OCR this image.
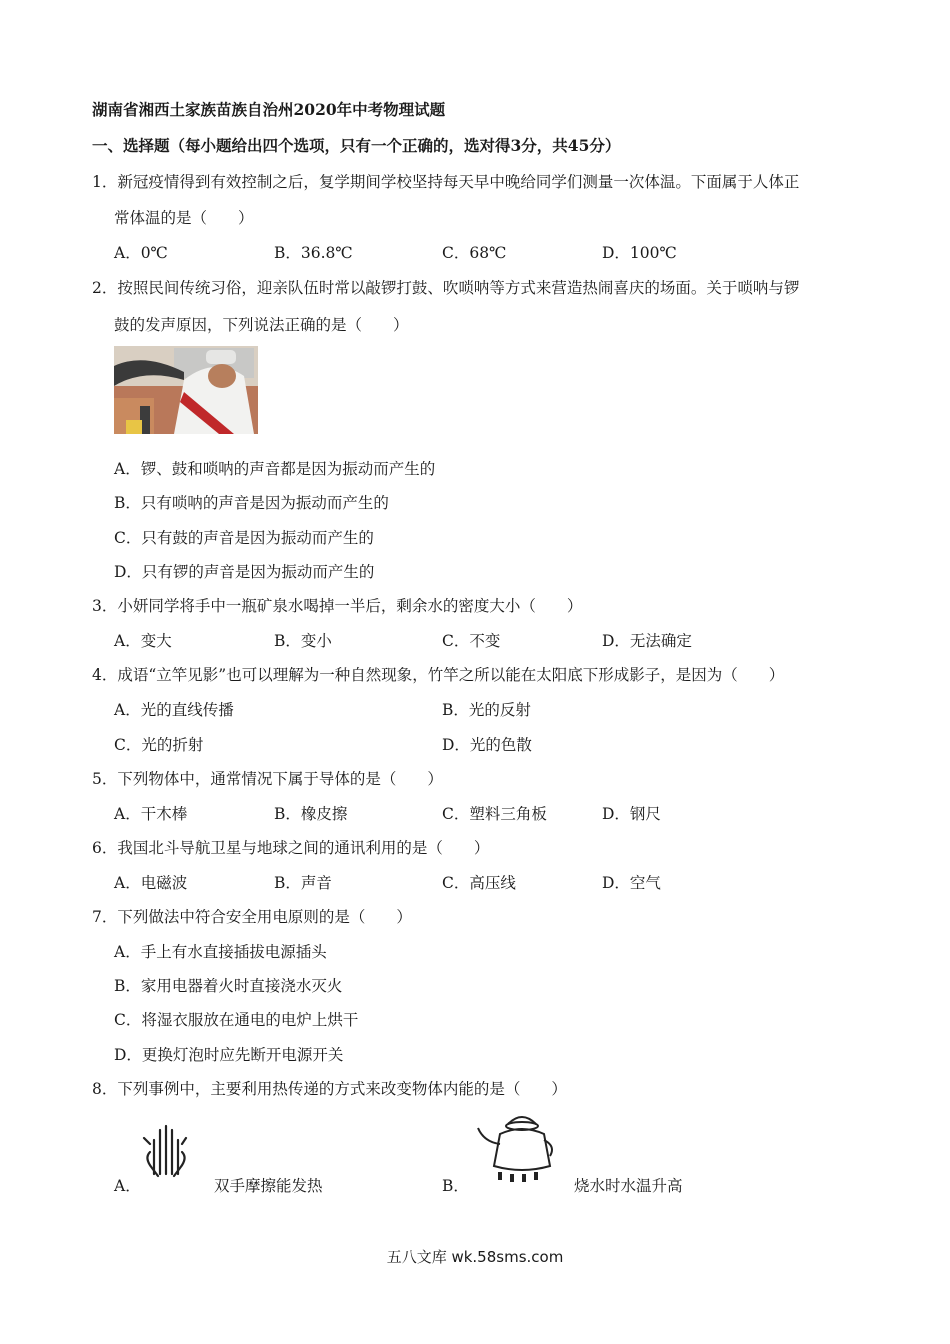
湖南省湘西土家族苗族自治州2020年中考物理试题
一、选择题（每小题给出四个选项，只有一个正确的，选对得3分，共45分）
1．新冠疫情得到有效控制之后，复学期间学校坚持每天早中晚给同学们测量一次体温。下面属于人体正
常体温的是（　　）
A．0℃	B．36.8℃	C．68℃	D．100℃
2．按照民间传统习俗，迎亲队伍时常以敲锣打鼓、吹唢呐等方式来营造热闹喜庆的场面。关于唢呐与锣
鼓的发声原因，下列说法正确的是（　　）
A．锣、鼓和唢呐的声音都是因为振动而产生的
B．只有唢呐的声音是因为振动而产生的
C．只有鼓的声音是因为振动而产生的
D．只有锣的声音是因为振动而产生的
3．小妍同学将手中一瓶矿泉水喝掉一半后，剩余水的密度大小（　　）
A．变大	B．变小	C．不变	D．无法确定
4．成语“立竿见影”也可以理解为一种自然现象，竹竿之所以能在太阳底下形成影子，是因为（　　）
A．光的直线传播	B．光的反射
C．光的折射	D．光的色散
5．下列物体中，通常情况下属于导体的是（　　）
A．干木棒	B．橡皮擦	C．塑料三角板	D．钢尺
6．我国北斗导航卫星与地球之间的通讯利用的是（　　）
A．电磁波	B．声音	C．高压线	D．空气
7．下列做法中符合安全用电原则的是（　　）
A．手上有水直接插拔电源插头
B．家用电器着火时直接浇水灭火
C．将湿衣服放在通电的电炉上烘干
D．更换灯泡时应先断开电源开关
8．下列事例中，主要利用热传递的方式来改变物体内能的是（　　）
A．	双手摩擦能发热	B．	烧水时水温升高
五八文库 wk.58sms.com
